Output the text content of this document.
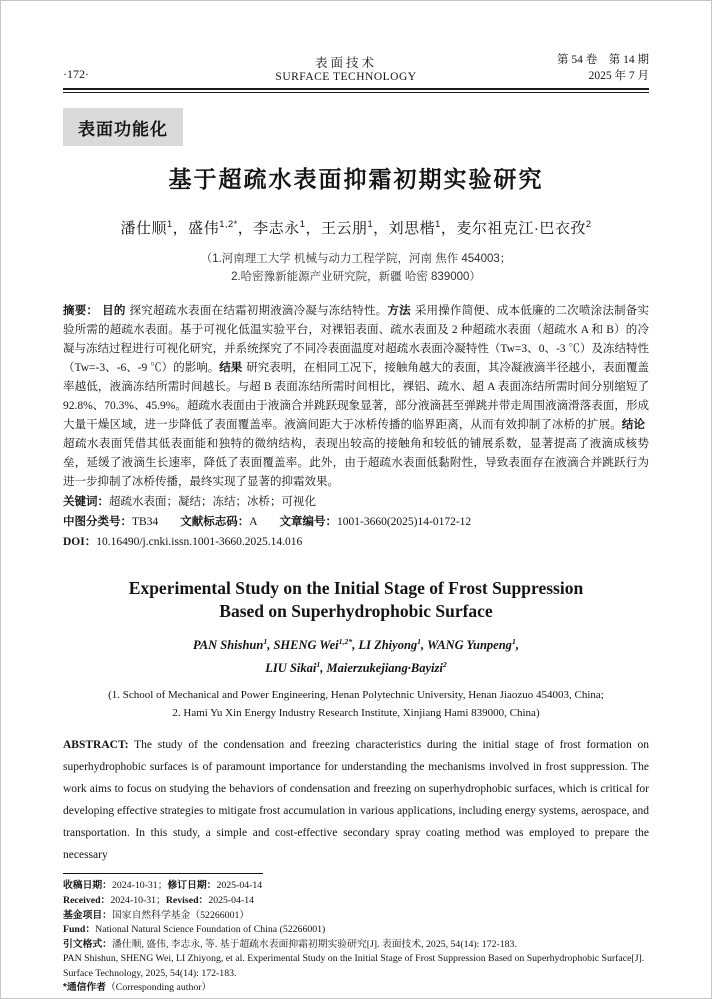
·172·
表面技术
SURFACE TECHNOLOGY
第 54 卷　第 14 期
2025 年 7 月
表面功能化
基于超疏水表面抑霜初期实验研究
潘仕顺$^1$，盛伟$^{1,2*}$，李志永$^1$，王云朋$^1$，刘思楷$^1$，麦尔祖克江·巴衣孜$^2$
（1.河南理工大学 机械与动力工程学院，河南 焦作 454003；
2.哈密豫新能源产业研究院，新疆 哈密 839000）

摘要： 目的 探究超疏水表面在结霜初期液滴冷凝与冻结特性。方法 采用操作简便、成本低廉的二次喷涂法制备实验所需的超疏水表面。基于可视化低温实验平台，对裸铝表面、疏水表面及 2 种超疏水表面（超疏水 A 和 B）的冷凝与冻结过程进行可视化研究，并系统探究了不同冷表面温度对超疏水表面冷凝特性（Tw=3、0、-3 ℃）及冻结特性（Tw=-3、-6、-9 ℃）的影响。结果 研究表明，在相同工况下，接触角越大的表面，其冷凝液滴半径越小，表面覆盖率越低，液滴冻结所需时间越长。与超 B 表面冻结所需时间相比，裸铝、疏水、超 A 表面冻结所需时间分别缩短了 92.8%、70.3%、45.9%。超疏水表面由于液滴合并跳跃现象显著，部分液滴甚至弹跳并带走周围液滴滑落表面，形成大量干燥区域，进一步降低了表面覆盖率。液滴间距大于冰桥传播的临界距离，从而有效抑制了冰桥的扩展。结论超疏水表面凭借其低表面能和独特的微纳结构，表现出较高的接触角和较低的铺展系数，显著提高了液滴成核势垒，延缓了液滴生长速率，降低了表面覆盖率。此外，由于超疏水表面低黏附性，导致表面存在液滴合并跳跃行为进一步抑制了冰桥传播，最终实现了显著的抑霜效果。

关键词：超疏水表面；凝结；冻结；冰桥；可视化

中图分类号：TB34 文献标志码：A 文章编号：1001-3660(2025)14-0172-12

DOI：10.16490/j.cnki.issn.1001-3660.2025.14.016

Experimental Study on the Initial Stage of Frost Suppression
Based on Superhydrophobic Surface
PAN Shishun$^1$, SHENG Wei$^{1,2*}$, LI Zhiyong$^1$, WANG Yunpeng$^1$,
LIU Sikai$^1$, Maierzukejiang·Bayizi$^2$
(1. School of Mechanical and Power Engineering, Henan Polytechnic University, Henan Jiaozuo 454003, China;
2. Hami Yu Xin Energy Industry Research Institute, Xinjiang Hami 839000, China)

ABSTRACT: The study of the condensation and freezing characteristics during the initial stage of frost formation on superhydrophobic surfaces is of paramount importance for understanding the mechanisms involved in frost suppression. The work aims to focus on studying the behaviors of condensation and freezing on superhydrophobic surfaces, which is critical for developing effective strategies to mitigate frost accumulation in various applications, including energy systems, aerospace, and transportation. In this study, a simple and cost-effective secondary spray coating method was employed to prepare the necessary

收稿日期：2024-10-31；修订日期：2025-04-14
Received：2024-10-31；Revised：2025-04-14
基金项目：国家自然科学基金（52266001）
Fund：National Natural Science Foundation of China (52266001)
引文格式：潘仕顺, 盛伟, 李志永, 等. 基于超疏水表面抑霜初期实验研究[J]. 表面技术, 2025, 54(14): 172-183.
PAN Shishun, SHENG Wei, LI Zhiyong, et al. Experimental Study on the Initial Stage of Frost Suppression Based on Superhydrophobic Surface[J]. Surface Technology, 2025, 54(14): 172-183.
*通信作者（Corresponding author）
